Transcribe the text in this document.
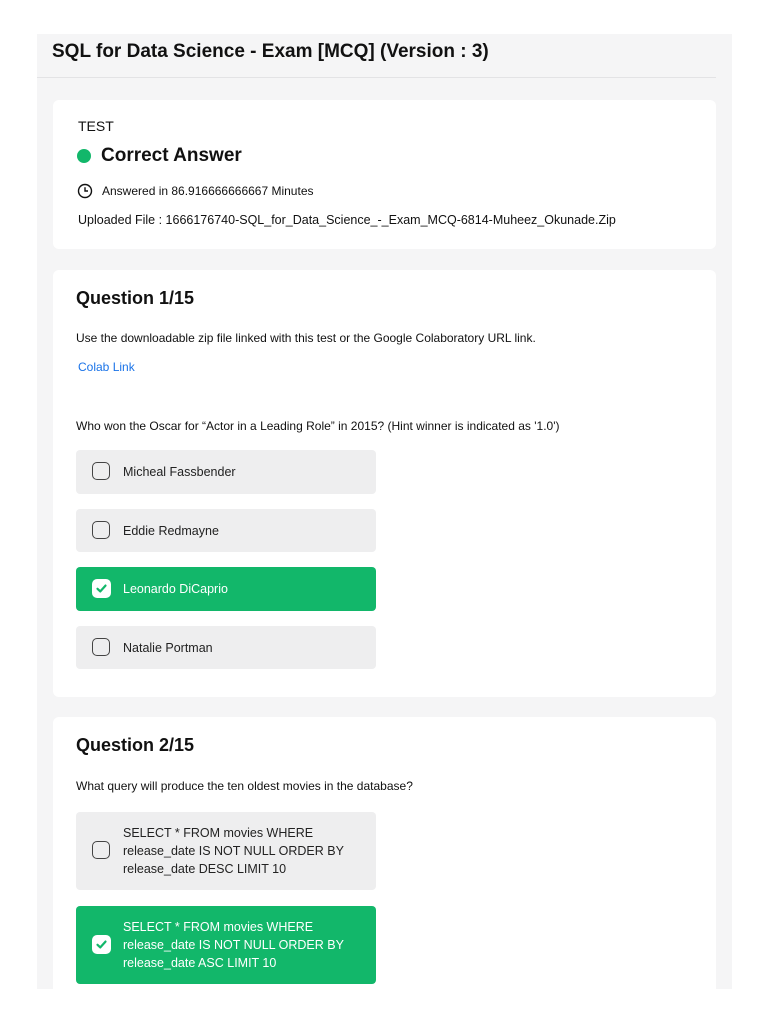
SQL for Data Science - Exam [MCQ] (Version : 3)
TEST
Correct Answer
Answered in 86.916666666667 Minutes
Uploaded File : 1666176740-SQL_for_Data_Science_-_Exam_MCQ-6814-Muheez_Okunade.Zip
Question 1/15
Use the downloadable zip file linked with this test or the Google Colaboratory URL link.
Colab Link
Who won the Oscar for “Actor in a Leading Role” in 2015? (Hint winner is indicated as '1.0')
Micheal Fassbender
Eddie Redmayne
Leonardo DiCaprio
Natalie Portman
Question 2/15
What query will produce the ten oldest movies in the database?
SELECT * FROM movies WHERE release_date IS NOT NULL ORDER BY release_date DESC LIMIT 10
SELECT * FROM movies WHERE release_date IS NOT NULL ORDER BY release_date ASC LIMIT 10
